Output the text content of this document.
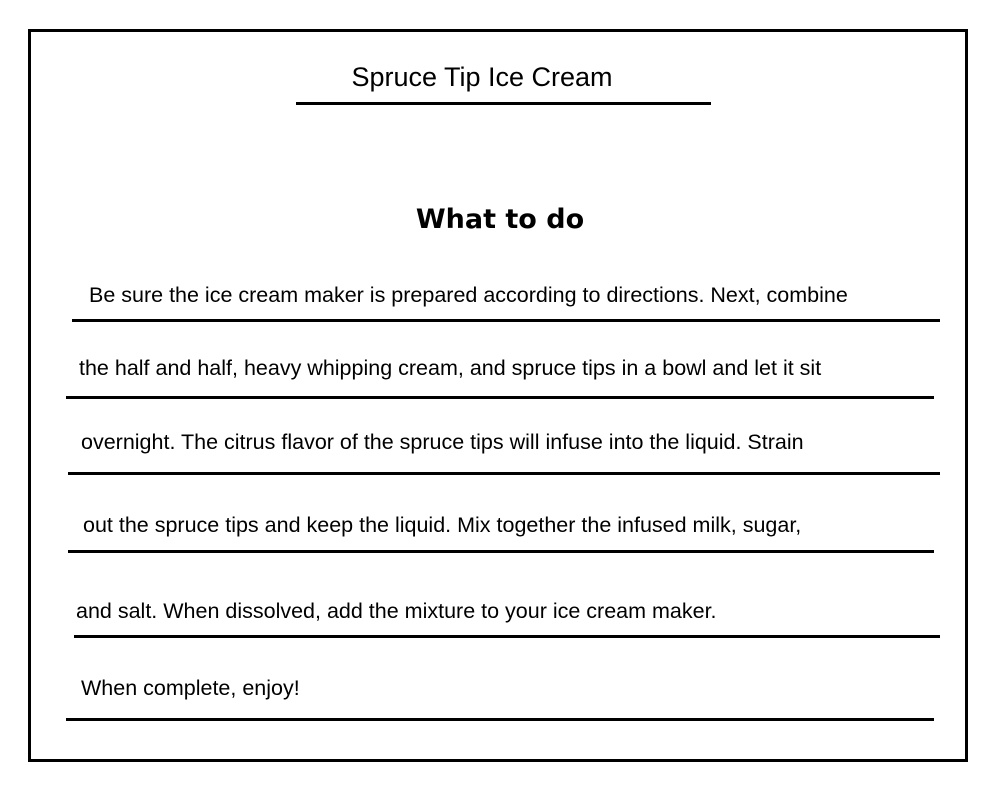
Spruce Tip Ice Cream
What to do
Be sure the ice cream maker is prepared according to directions. Next, combine
the half and half, heavy whipping cream, and spruce tips in a bowl and let it sit
overnight. The citrus flavor of the spruce tips will infuse into the liquid. Strain
out the spruce tips and keep the liquid. Mix together the infused milk, sugar,
and salt. When dissolved, add the mixture to your ice cream maker.
When complete, enjoy!
